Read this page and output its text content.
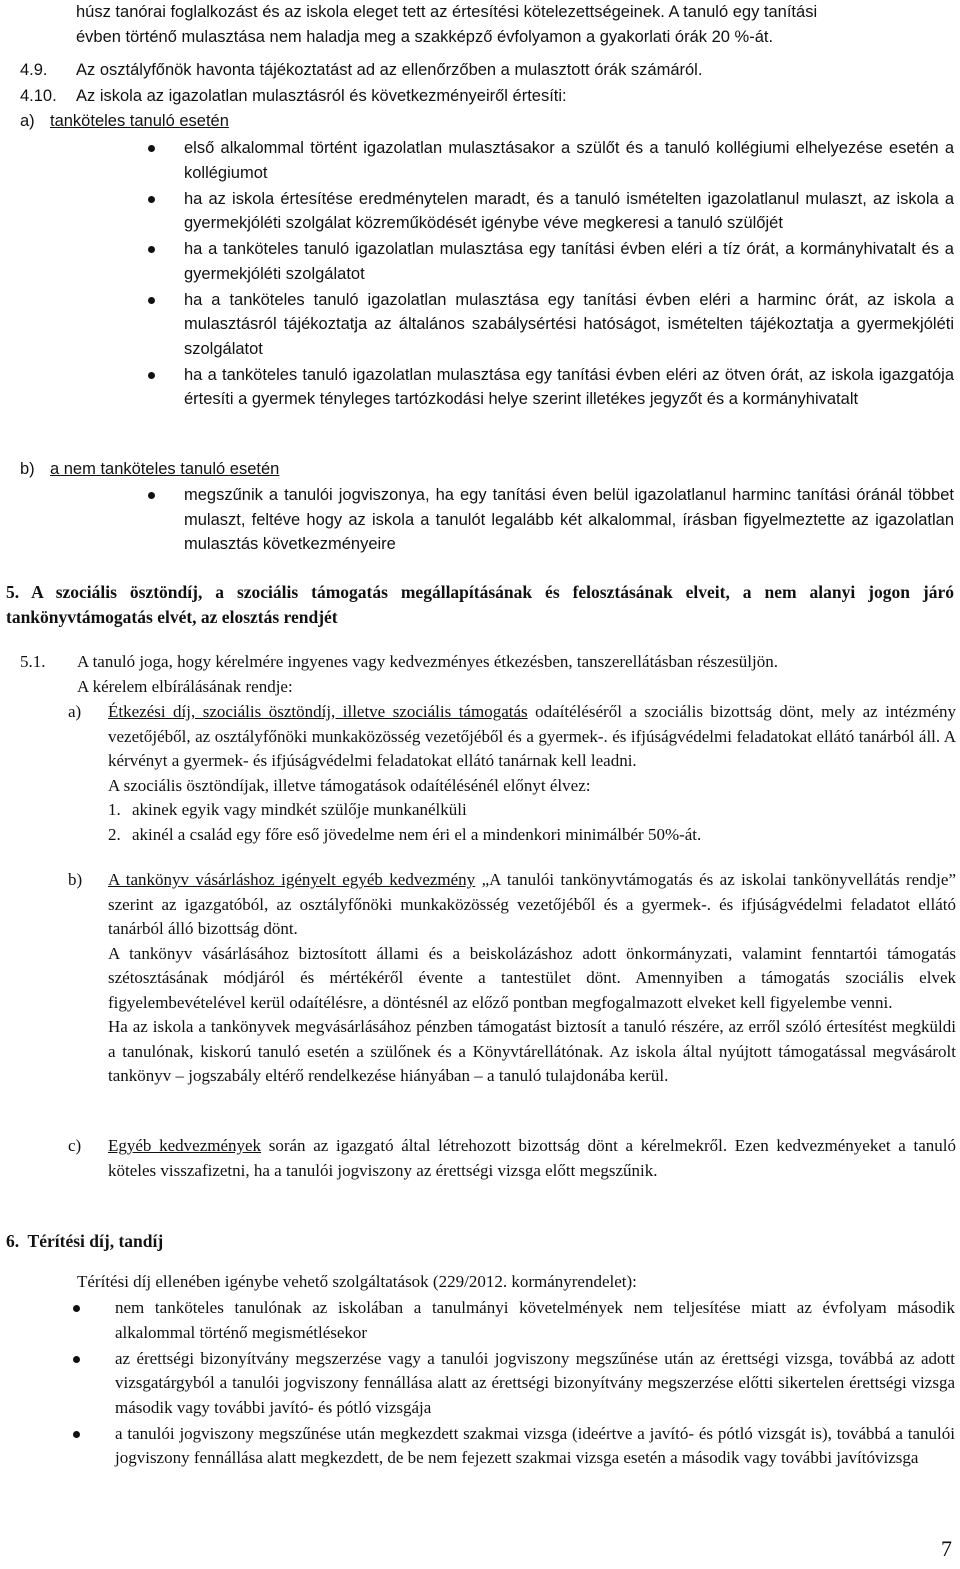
húsz tanórai foglalkozást és az iskola eleget tett az értesítési kötelezettségeinek. A tanuló egy tanítási

évben történő mulasztása nem haladja meg a szakképző évfolyamon a gyakorlati órák 20 %-át.

4.9. Az osztályfőnök havonta tájékoztatást ad az ellenőrzőben a mulasztott órák számáról.
4.10. Az iskola az igazolatlan mulasztásról és következményeiről értesíti:
a) tanköteles tanuló esetén
első alkalommal történt igazolatlan mulasztásakor a szülőt és a tanuló kollégiumi elhelyezése esetén a kollégiumot
ha az iskola értesítése eredménytelen maradt, és a tanuló ismételten igazolatlanul mulaszt, az iskola a gyermekjóléti szolgálat közreműködését igénybe véve megkeresi a tanuló szülőjét
ha a tanköteles tanuló igazolatlan mulasztása egy tanítási évben eléri a tíz órát, a kormányhivatalt és a gyermekjóléti szolgálatot
ha a tanköteles tanuló igazolatlan mulasztása egy tanítási évben eléri a harminc órát, az iskola a mulasztásról tájékoztatja az általános szabálysértési hatóságot, ismételten tájékoztatja a gyermekjóléti szolgálatot
ha a tanköteles tanuló igazolatlan mulasztása egy tanítási évben eléri az ötven órát, az iskola igazgatója értesíti a gyermek tényleges tartózkodási helye szerint illetékes jegyzőt és a kormányhivatalt
b) a nem tanköteles tanuló esetén
megszűnik a tanulói jogviszonya, ha egy tanítási éven belül igazolatlanul harminc tanítási óránál többet mulaszt, feltéve hogy az iskola a tanulót legalább két alkalommal, írásban figyelmeztette az igazolatlan mulasztás következményeire
5. A szociális ösztöndíj, a szociális támogatás megállapításának és felosztásának elveit, a nem alanyi jogon járó tankönyvtámogatás elvét, az elosztás rendjét
5.1. A tanuló joga, hogy kérelmére ingyenes vagy kedvezményes étkezésben, tanszerellátásban részesüljön.
A kérelem elbírálásának rendje:
a) Étkezési díj, szociális ösztöndíj, illetve szociális támogatás odaítéléséről a szociális bizottság dönt, mely az intézmény vezetőjéből, az osztályfőnöki munkaközösség vezetőjéből és a gyermek-. és ifjúságvédelmi feladatokat ellátó tanárból áll. A kérvényt a gyermek- és ifjúságvédelmi feladatokat ellátó tanárnak kell leadni.

A szociális ösztöndíjak, illetve támogatások odaítélésénél előnyt élvez:

1. akinek egyik vagy mindkét szülője munkanélküli

2. akinél a család egy főre eső jövedelme nem éri el a mindenkori minimálbér 50%-át.

b) A tankönyv vásárláshoz igényelt egyéb kedvezmény „A tanulói tankönyvtámogatás és az iskolai tankönyvellátás rendje” szerint az igazgatóból, az osztályfőnöki munkaközösség vezetőjéből és a gyermek-. és ifjúságvédelmi feladatot ellátó tanárból álló bizottság dönt.

A tankönyv vásárlásához biztosított állami és a beiskolázáshoz adott önkormányzati, valamint fenntartói támogatás szétosztásának módjáról és mértékéről évente a tantestület dönt. Amennyiben a támogatás szociális elvek figyelembevételével kerül odaítélésre, a döntésnél az előző pontban megfogalmazott elveket kell figyelembe venni.

Ha az iskola a tankönyvek megvásárlásához pénzben támogatást biztosít a tanuló részére, az erről szóló értesítést megküldi a tanulónak, kiskorú tanuló esetén a szülőnek és a Könyvtárellátónak. Az iskola által nyújtott támogatással megvásárolt tankönyv – jogszabály eltérő rendelkezése hiányában – a tanuló tulajdonába kerül.

c) Egyéb kedvezmények során az igazgató által létrehozott bizottság dönt a kérelmekről. Ezen kedvezményeket a tanuló köteles visszafizetni, ha a tanulói jogviszony az érettségi vizsga előtt megszűnik.

6.  Térítési díj, tandíj
Térítési díj ellenében igénybe vehető szolgáltatások (229/2012. kormányrendelet):
nem tanköteles tanulónak az iskolában a tanulmányi követelmények nem teljesítése miatt az évfolyam második alkalommal történő megismétlésekor
az érettségi bizonyítvány megszerzése vagy a tanulói jogviszony megszűnése után az érettségi vizsga, továbbá az adott vizsgatárgyból a tanulói jogviszony fennállása alatt az érettségi bizonyítvány megszerzése előtti sikertelen érettségi vizsga második vagy további javító- és pótló vizsgája
a tanulói jogviszony megszűnése után megkezdett szakmai vizsga (ideértve a javító- és pótló vizsgát is), továbbá a tanulói jogviszony fennállása alatt megkezdett, de be nem fejezett szakmai vizsga esetén a második vagy további javítóvizsga
7
